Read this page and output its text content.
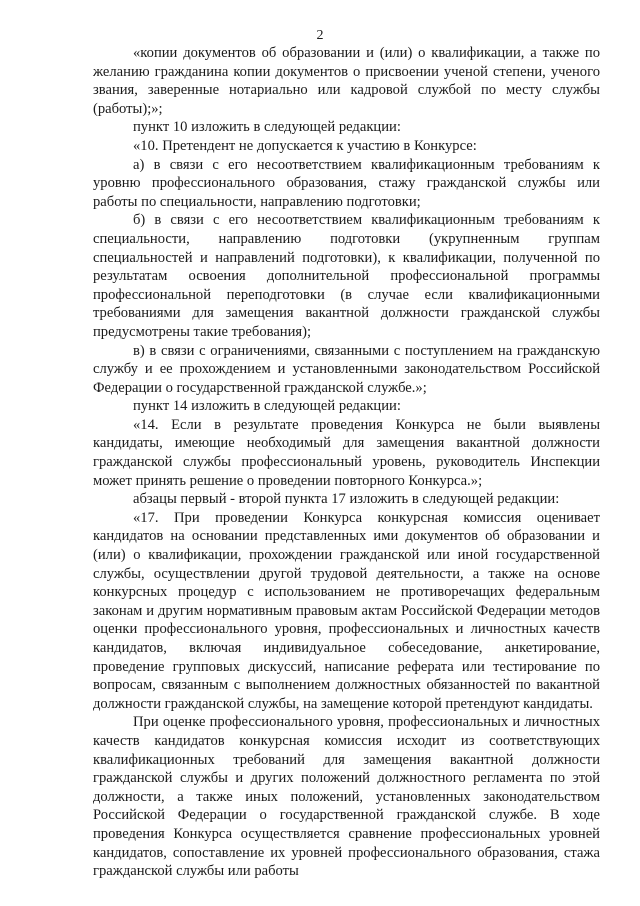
2

«копии документов об образовании и (или) о квалификации, а также по желанию гражданина копии документов о присвоении ученой степени, ученого звания, заверенные нотариально или кадровой службой по месту службы (работы);»;

пункт 10 изложить в следующей редакции:

«10. Претендент не допускается к участию в Конкурсе:

а) в связи с его несоответствием квалификационным требованиям к уровню профессионального образования, стажу гражданской службы или работы по специальности, направлению подготовки;

б) в связи с его несоответствием квалификационным требованиям к специальности, направлению подготовки (укрупненным группам специальностей и направлений подготовки), к квалификации, полученной по результатам освоения дополнительной профессиональной программы профессиональной переподготовки (в случае если квалификационными требованиями для замещения вакантной должности гражданской службы предусмотрены такие требования);

в) в связи с ограничениями, связанными с поступлением на гражданскую службу и ее прохождением и установленными законодательством Российской Федерации о государственной гражданской службе.»;

пункт 14 изложить в следующей редакции:

«14. Если в результате проведения Конкурса не были выявлены кандидаты, имеющие необходимый для замещения вакантной должности гражданской службы профессиональный уровень, руководитель Инспекции может принять решение о проведении повторного Конкурса.»;

абзацы первый - второй пункта 17 изложить в следующей редакции:

«17. При проведении Конкурса конкурсная комиссия оценивает кандидатов на основании представленных ими документов об образовании и (или) о квалификации, прохождении гражданской или иной государственной службы, осуществлении другой трудовой деятельности, а также на основе конкурсных процедур с использованием не противоречащих федеральным законам и другим нормативным правовым актам Российской Федерации методов оценки профессионального уровня, профессиональных и личностных качеств кандидатов, включая индивидуальное собеседование, анкетирование, проведение групповых дискуссий, написание реферата или тестирование по вопросам, связанным с выполнением должностных обязанностей по вакантной должности гражданской службы, на замещение которой претендуют кандидаты.

При оценке профессионального уровня, профессиональных и личностных качеств кандидатов конкурсная комиссия исходит из соответствующих квалификационных требований для замещения вакантной должности гражданской службы и других положений должностного регламента по этой должности, а также иных положений, установленных законодательством Российской Федерации о государственной гражданской службе. В ходе проведения Конкурса осуществляется сравнение профессиональных уровней кандидатов, сопоставление их уровней профессионального образования, стажа гражданской службы или работы
